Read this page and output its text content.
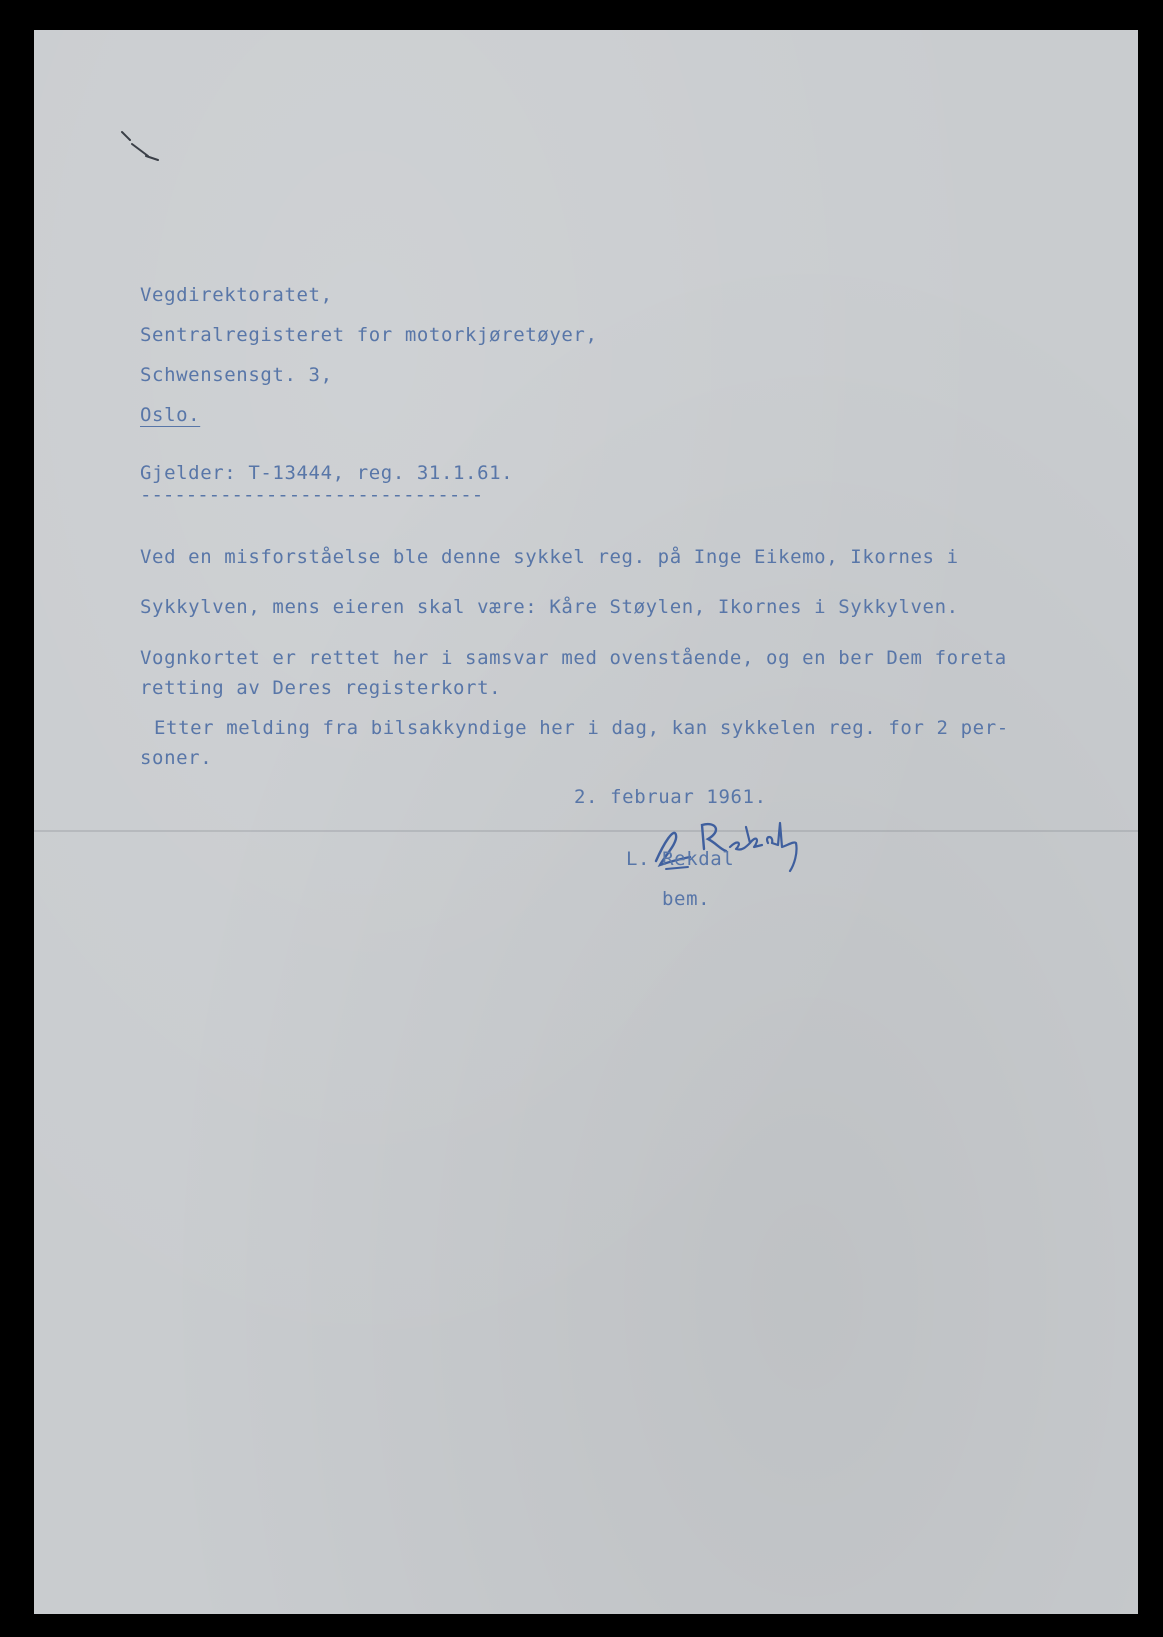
Vegdirektoratet,

Sentralregisteret for motorkjøretøyer,

Schwensensgt. 3,

Oslo.

Gjelder: T-13444, reg. 31.1.61.

------------------------------

Ved en misforståelse ble denne sykkel reg. på Inge Eikemo, Ikornes i

Sykkylven, mens eieren skal være: Kåre Støylen, Ikornes i Sykkylven.

Vognkortet er rettet her i samsvar med ovenstående, og en ber Dem foreta

retting av Deres registerkort.

Etter melding fra bilsakkyndige her i dag, kan sykkelen reg. for 2 per-

soner.

2. februar 1961.

L. Rekdal

bem.
